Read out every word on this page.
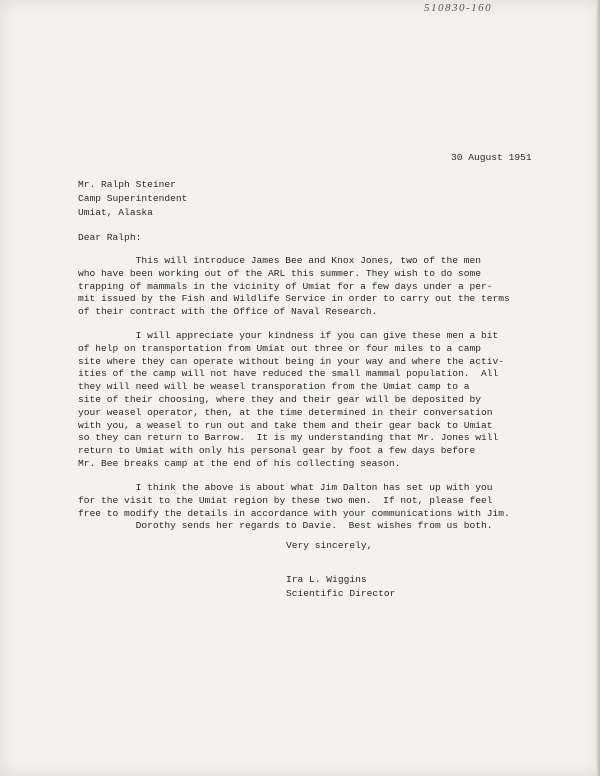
510830-160
30 August 1951
Mr. Ralph Steiner
Camp Superintendent
Umiat, Alaska
Dear Ralph:
This will introduce James Bee and Knox Jones, two of the men
who have been working out of the ARL this summer. They wish to do some
trapping of mammals in the vicinity of Umiat for a few days under a per-
mit issued by the Fish and Wildlife Service in order to carry out the terms
of their contract with the Office of Naval Research.
I will appreciate your kindness if you can give these men a bit
of help on transportation from Umiat out three or four miles to a camp
site where they can operate without being in your way and where the activ-
ities of the camp will not have reduced the small mammal population.  All
they will need will be weasel transporation from the Umiat camp to a
site of their choosing, where they and their gear will be deposited by
your weasel operator, then, at the time determined in their conversation
with you, a weasel to run out and take them and their gear back to Umiat
so they can return to Barrow.  It is my understanding that Mr. Jones will
return to Umiat with only his personal gear by foot a few days before
Mr. Bee breaks camp at the end of his collecting season.
I think the above is about what Jim Dalton has set up with you
for the visit to the Umiat region by these two men.  If not, please feel
free to modify the details in accordance with your communications with Jim.
Dorothy sends her regards to Davie.  Best wishes from us both.
Very sincerely,
Ira L. Wiggins
Scientific Director
